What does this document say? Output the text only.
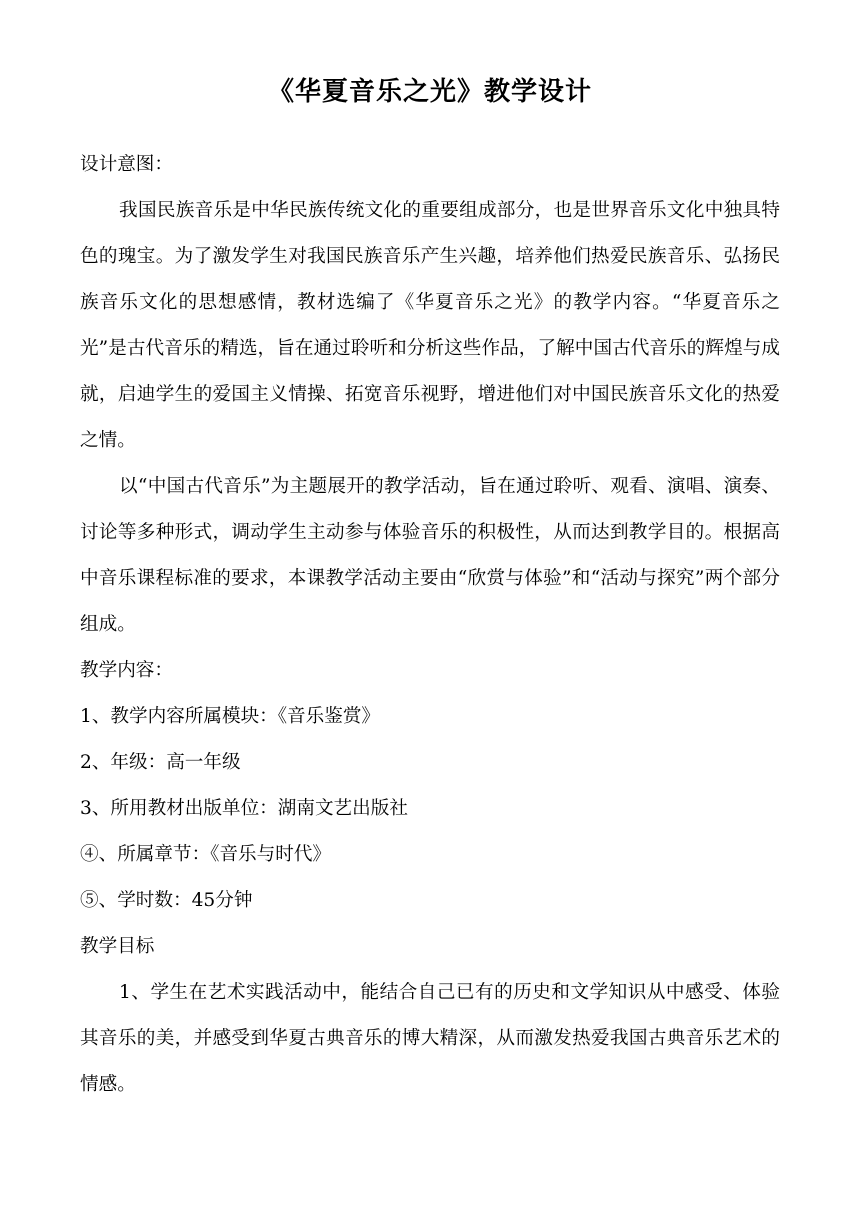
《华夏音乐之光》教学设计

设计意图：

我国民族音乐是中华民族传统文化的重要组成部分，也是世界音乐文化中独具特色的瑰宝。为了激发学生对我国民族音乐产生兴趣，培养他们热爱民族音乐、弘扬民族音乐文化的思想感情，教材选编了《华夏音乐之光》的教学内容。“华夏音乐之光”是古代音乐的精选，旨在通过聆听和分析这些作品，了解中国古代音乐的辉煌与成就，启迪学生的爱国主义情操、拓宽音乐视野，增进他们对中国民族音乐文化的热爱之情。

以“中国古代音乐”为主题展开的教学活动，旨在通过聆听、观看、演唱、演奏、讨论等多种形式，调动学生主动参与体验音乐的积极性，从而达到教学目的。根据高中音乐课程标准的要求，本课教学活动主要由“欣赏与体验”和“活动与探究”两个部分组成。

教学内容：

1、教学内容所属模块：《音乐鉴赏》

2、年级：高一年级

3、所用教材出版单位：湖南文艺出版社

④、所属章节：《音乐与时代》

⑤、学时数：45分钟

教学目标

1、学生在艺术实践活动中，能结合自己已有的历史和文学知识从中感受、体验其音乐的美，并感受到华夏古典音乐的博大精深，从而激发热爱我国古典音乐艺术的情感。
